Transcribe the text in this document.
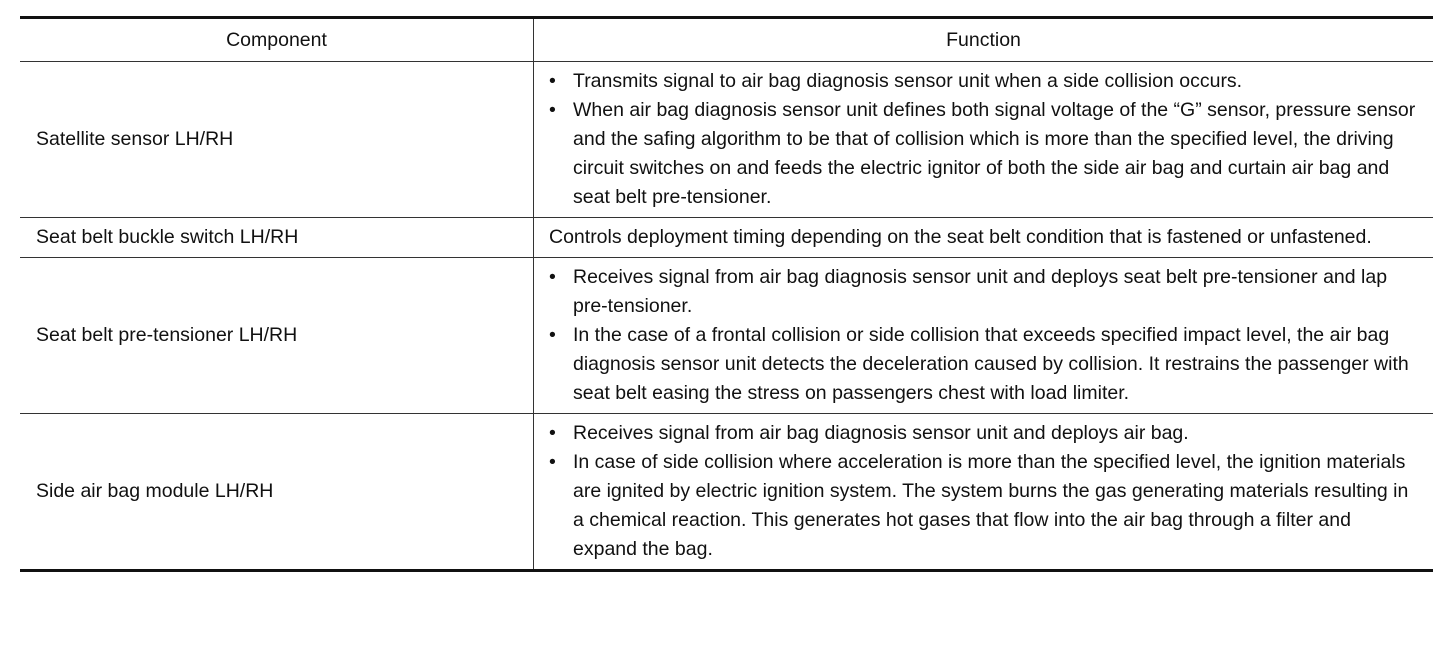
Component	Function
Satellite sensor LH/RH
• Transmits signal to air bag diagnosis sensor unit when a side collision occurs.
• When air bag diagnosis sensor unit defines both signal voltage of the “G” sensor, pressure sensor and the safing algorithm to be that of collision which is more than the specified level, the driving circuit switches on and feeds the electric ignitor of both the side air bag and curtain air bag and seat belt pre-tensioner.
Seat belt buckle switch LH/RH	Controls deployment timing depending on the seat belt condition that is fastened or unfastened.

Seat belt pre-tensioner LH/RH
• Receives signal from air bag diagnosis sensor unit and deploys seat belt pre-tensioner and lap pre-tensioner.
• In the case of a frontal collision or side collision that exceeds specified impact level, the air bag diagnosis sensor unit detects the deceleration caused by collision. It restrains the passenger with seat belt easing the stress on passengers chest with load limiter.
Side air bag module LH/RH
• Receives signal from air bag diagnosis sensor unit and deploys air bag.
• In case of side collision where acceleration is more than the specified level, the ignition materials are ignited by electric ignition system. The system burns the gas generating materials resulting in a chemical reaction. This generates hot gases that flow into the air bag through a filter and expand the bag.
